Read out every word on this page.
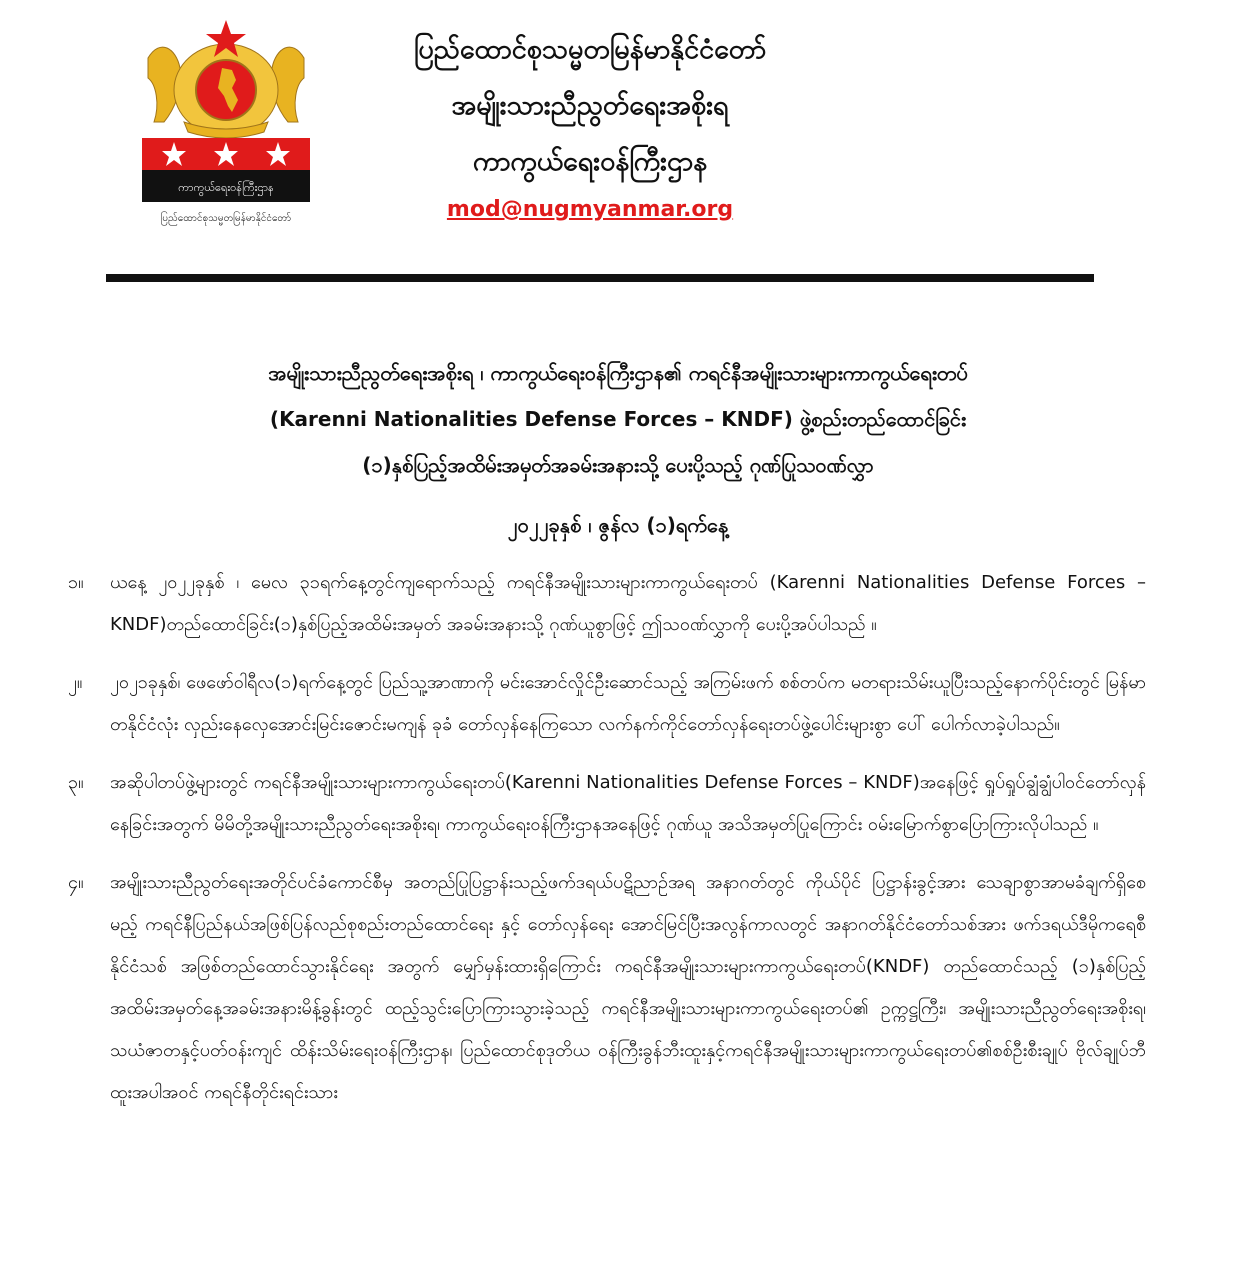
ကာကွယ်ရေးဝန်ကြီးဌာန
ပြည်ထောင်စုသမ္မတမြန်မာနိုင်ငံတော်
ပြည်ထောင်စုသမ္မတမြန်မာနိုင်ငံတော်
အမျိုးသားညီညွတ်ရေးအစိုးရ
ကာကွယ်ရေးဝန်ကြီးဌာန
mod@nugmyanmar.org
အမျိုးသားညီညွတ်ရေးအစိုးရ ၊ ကာကွယ်ရေးဝန်ကြီးဌာန၏ ကရင်နီအမျိုးသားများကာကွယ်ရေးတပ်
(Karenni Nationalities Defense Forces – KNDF) ဖွဲ့စည်းတည်ထောင်ခြင်း
(၁)နှစ်ပြည့်အထိမ်းအမှတ်အခမ်းအနားသို့ ပေးပို့သည့် ဂုဏ်ပြုသဝဏ်လွှာ
၂၀၂၂ခုနှစ် ၊ ဇွန်လ (၁)ရက်နေ့
၁။	ယနေ့ ၂၀၂၂ခုနှစ် ၊ မေလ ၃၁ရက်နေ့တွင်ကျရောက်သည့် ကရင်နီအမျိုးသားများကာကွယ်ရေးတပ် (Karenni Nationalities Defense Forces – KNDF)တည်ထောင်ခြင်း(၁)နှစ်ပြည့်အထိမ်းအမှတ် အခမ်းအနားသို့ ဂုဏ်ယူစွာဖြင့် ဤသဝဏ်လွှာကို ပေးပို့အပ်ပါသည် ။
၂။	၂၀၂၁ခုနှစ်၊ ဖေဖော်ဝါရီလ(၁)ရက်နေ့တွင် ပြည်သူ့အာဏာကို မင်းအောင်လှိုင်ဦးဆောင်သည့် အကြမ်းဖက် စစ်တပ်က မတရားသိမ်းယူပြီးသည့်နောက်ပိုင်းတွင် မြန်မာတနိုင်ငံလုံး လှည်းနေလှေအောင်းမြင်းဇောင်းမကျန် ခုခံ တော်လှန်နေကြသော လက်နက်ကိုင်တော်လှန်ရေးတပ်ဖွဲ့ပေါင်းများစွာ ပေါ် ပေါက်လာခဲ့ပါသည်။
၃။	အဆိုပါတပ်ဖွဲ့များတွင် ကရင်နီအမျိုးသားများကာကွယ်ရေးတပ်(Karenni Nationalities Defense Forces – KNDF)အနေဖြင့် ရှုပ်ရှုပ်ချွံချွံပါဝင်တော်လှန်နေခြင်းအတွက် မိမိတို့အမျိုးသားညီညွတ်ရေးအစိုးရ၊ ကာကွယ်ရေးဝန်ကြီးဌာနအနေဖြင့် ဂုဏ်ယူ အသိအမှတ်ပြုကြောင်း ဝမ်းမြောက်စွာပြောကြားလိုပါသည် ။
၄။	အမျိုးသားညီညွတ်ရေးအတိုင်ပင်ခံကောင်စီမှ အတည်ပြုပြဋ္ဌာန်းသည့်ဖက်ဒရယ်ပဋိညာဉ်အရ အနာဂတ်တွင် ကိုယ်ပိုင် ပြဋ္ဌာန်းခွင့်အား သေချာစွာအာမခံချက်ရှိစေမည့် ကရင်နီပြည်နယ်အဖြစ်ပြန်လည်စုစည်းတည်ထောင်ရေး နှင့် တော်လှန်ရေး အောင်မြင်ပြီးအလွန်ကာလတွင် အနာဂတ်နိုင်ငံတော်သစ်အား ဖက်ဒရယ်ဒီမိုကရေစီနိုင်ငံသစ် အဖြစ်တည်ထောင်သွားနိုင်ရေး အတွက် မျှော်မှန်းထားရှိကြောင်း ကရင်နီအမျိုးသားများကာကွယ်ရေးတပ်(KNDF) တည်ထောင်သည့် (၁)နှစ်ပြည့် အထိမ်းအမှတ်နေ့အခမ်းအနားမိန့်ခွန်းတွင် ထည့်သွင်းပြောကြားသွားခဲ့သည့် ကရင်နီအမျိုးသားများကာကွယ်ရေးတပ်၏ ဥက္ကဋ္ဌကြီး၊ အမျိုးသားညီညွတ်ရေးအစိုးရ၊ သယံဇာတနှင့်ပတ်ဝန်းကျင် ထိန်းသိမ်းရေးဝန်ကြီးဌာန၊ ပြည်ထောင်စုဒုတိယ ဝန်ကြီးခွန်ဘီးထူးနှင့်ကရင်နီအမျိုးသားများကာကွယ်ရေးတပ်၏စစ်ဦးစီးချုပ် ဗိုလ်ချုပ်ဘီထူးအပါအဝင် ကရင်နီတိုင်းရင်းသား
